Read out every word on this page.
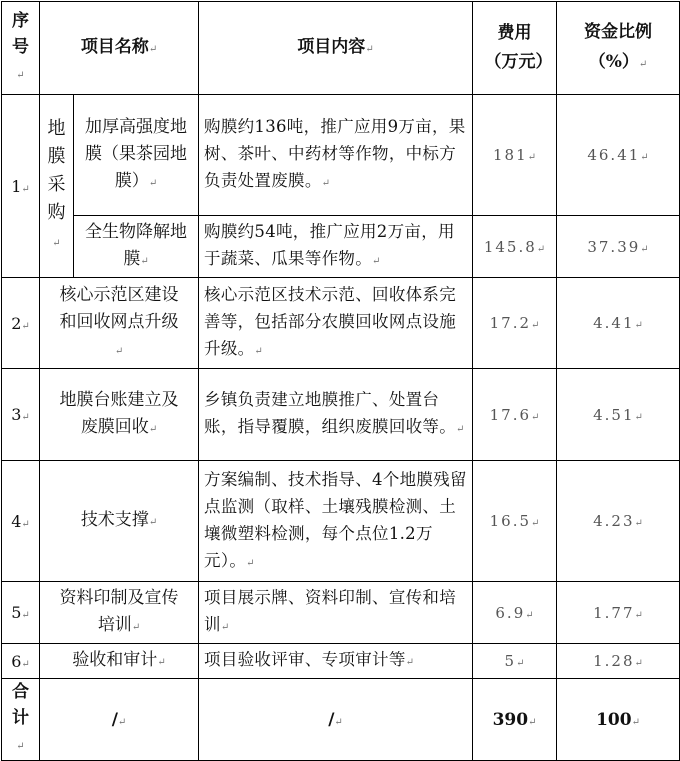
序号↵	项目名称↵		项目内容↵	费用（万元）	资金比例（%）↵

1↵	地膜采购↵	加厚高强度地膜（果茶园地膜）↵	购膜约136吨，推广应用9万亩，果树、茶叶、中药材等作物，中标方负责处置废膜。↵	181↵	46.41↵
		全生物降解地膜↵	购膜约54吨，推广应用2万亩，用于蔬菜、瓜果等作物。↵	145.8↵	37.39↵
2↵	核心示范区建设和回收网点升级↵		核心示范区技术示范、回收体系完善等，包括部分农膜回收网点设施升级。↵	17.2↵	4.41↵
3↵	地膜台账建立及废膜回收↵		乡镇负责建立地膜推广、处置台账，指导覆膜，组织废膜回收等。↵	17.6↵	4.51↵
4↵	技术支撑↵		方案编制、技术指导、4个地膜残留点监测（取样、土壤残膜检测、土壤微塑料检测，每个点位1.2万元）。↵	16.5↵	4.23↵
5↵	资料印制及宣传培训↵		项目展示牌、资料印制、宣传和培训↵	6.9↵	1.77↵
6↵	验收和审计↵		项目验收评审、专项审计等↵	5↵	1.28↵

合计↵	/↵		/↵	390↵	100↵
